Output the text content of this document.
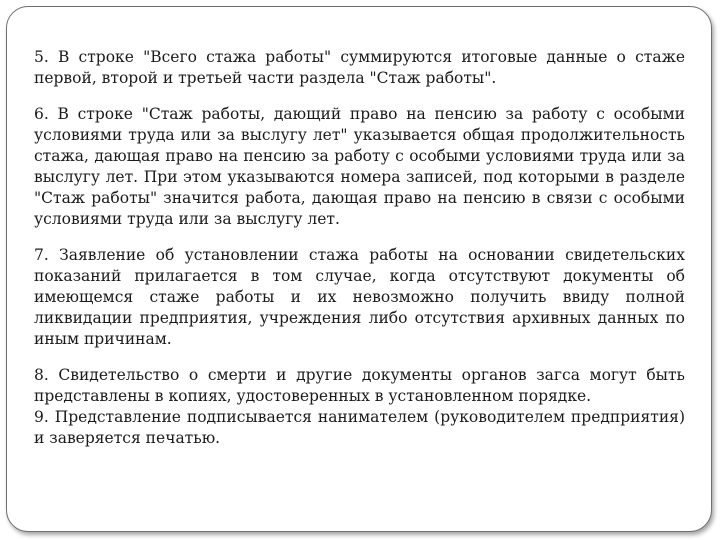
5. В строке "Всего стажа работы" суммируются итоговые данные о стаже первой, второй и третьей части раздела "Стаж работы".

6. В строке "Стаж работы, дающий право на пенсию за работу с особыми условиями труда или за выслугу лет" указывается общая продолжительность стажа, дающая право на пенсию за работу с особыми условиями труда или за выслугу лет. При этом указываются номера записей, под которыми в разделе "Стаж работы" значится работа, дающая право на пенсию в связи с особыми условиями труда или за выслугу лет.

7. Заявление об установлении стажа работы на основании свидетельских показаний прилагается в том случае, когда отсутствуют документы об имеющемся стаже работы и их невозможно получить ввиду полной ликвидации предприятия, учреждения либо отсутствия архивных данных по иным причинам.

8. Свидетельство о смерти и другие документы органов загса могут быть представлены в копиях, удостоверенных в установленном порядке.

9. Представление подписывается нанимателем (руководителем предприятия) и заверяется печатью.
